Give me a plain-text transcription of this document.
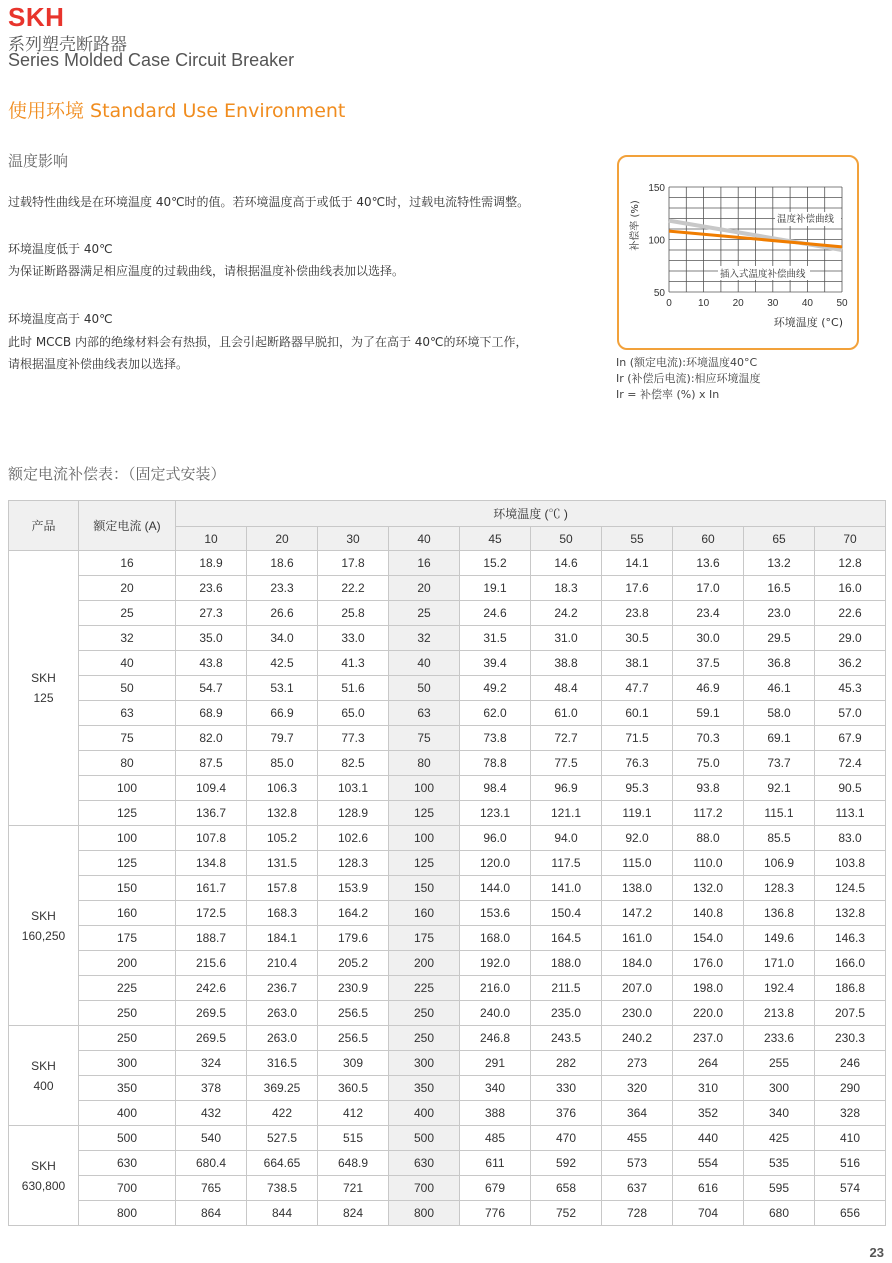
SKH
系列塑壳断路器
Series Molded Case Circuit Breaker
使用环境 Standard Use Environment
温度影响
过载特性曲线是在环境温度 40℃时的值。若环境温度高于或低于 40℃时，过载电流特性需调整。
环境温度低于 40℃
为保证断路器满足相应温度的过载曲线，请根据温度补偿曲线表加以选择。
环境温度高于 40℃
此时 MCCB 内部的绝缘材料会有热损，且会引起断路器早脱扣，为了在高于 40℃的环境下工作，
请根据温度补偿曲线表加以选择。
温度补偿曲线
插入式温度补偿曲线
150
100
50
0	10 20 30 40 50
环境温度 (°C)
补偿率 (%)
In (额定电流):环境温度40°C
Ir (补偿后电流):相应环境温度
Ir = 补偿率 (%) x In
额定电流补偿表：（固定式安装）
产品	额定电流 (A)	环境温度 (℃ )									
		10	20	30	40	45	50	55	60	65	70

SKH
125	16	18.9	18.6	17.8	16	15.2	14.6	14.1	13.6	13.2	12.8
	20	23.6	23.3	22.2	20	19.1	18.3	17.6	17.0	16.5	16.0
	25	27.3	26.6	25.8	25	24.6	24.2	23.8	23.4	23.0	22.6
	32	35.0	34.0	33.0	32	31.5	31.0	30.5	30.0	29.5	29.0
	40	43.8	42.5	41.3	40	39.4	38.8	38.1	37.5	36.8	36.2
	50	54.7	53.1	51.6	50	49.2	48.4	47.7	46.9	46.1	45.3
	63	68.9	66.9	65.0	63	62.0	61.0	60.1	59.1	58.0	57.0
	75	82.0	79.7	77.3	75	73.8	72.7	71.5	70.3	69.1	67.9
	80	87.5	85.0	82.5	80	78.8	77.5	76.3	75.0	73.7	72.4
	100	109.4	106.3	103.1	100	98.4	96.9	95.3	93.8	92.1	90.5
	125	136.7	132.8	128.9	125	123.1	121.1	119.1	117.2	115.1	113.1

SKH
160,250	100	107.8	105.2	102.6	100	96.0	94.0	92.0	88.0	85.5	83.0
	125	134.8	131.5	128.3	125	120.0	117.5	115.0	110.0	106.9	103.8
	150	161.7	157.8	153.9	150	144.0	141.0	138.0	132.0	128.3	124.5
	160	172.5	168.3	164.2	160	153.6	150.4	147.2	140.8	136.8	132.8
	175	188.7	184.1	179.6	175	168.0	164.5	161.0	154.0	149.6	146.3
	200	215.6	210.4	205.2	200	192.0	188.0	184.0	176.0	171.0	166.0
	225	242.6	236.7	230.9	225	216.0	211.5	207.0	198.0	192.4	186.8
	250	269.5	263.0	256.5	250	240.0	235.0	230.0	220.0	213.8	207.5

SKH
400	250	269.5	263.0	256.5	250	246.8	243.5	240.2	237.0	233.6	230.3
	300	324	316.5	309	300	291	282	273	264	255	246
	350	378	369.25	360.5	350	340	330	320	310	300	290
	400	432	422	412	400	388	376	364	352	340	328

SKH
630,800	500	540	527.5	515	500	485	470	455	440	425	410
	630	680.4	664.65	648.9	630	611	592	573	554	535	516
	700	765	738.5	721	700	679	658	637	616	595	574
	800	864	844	824	800	776	752	728	704	680	656
23
